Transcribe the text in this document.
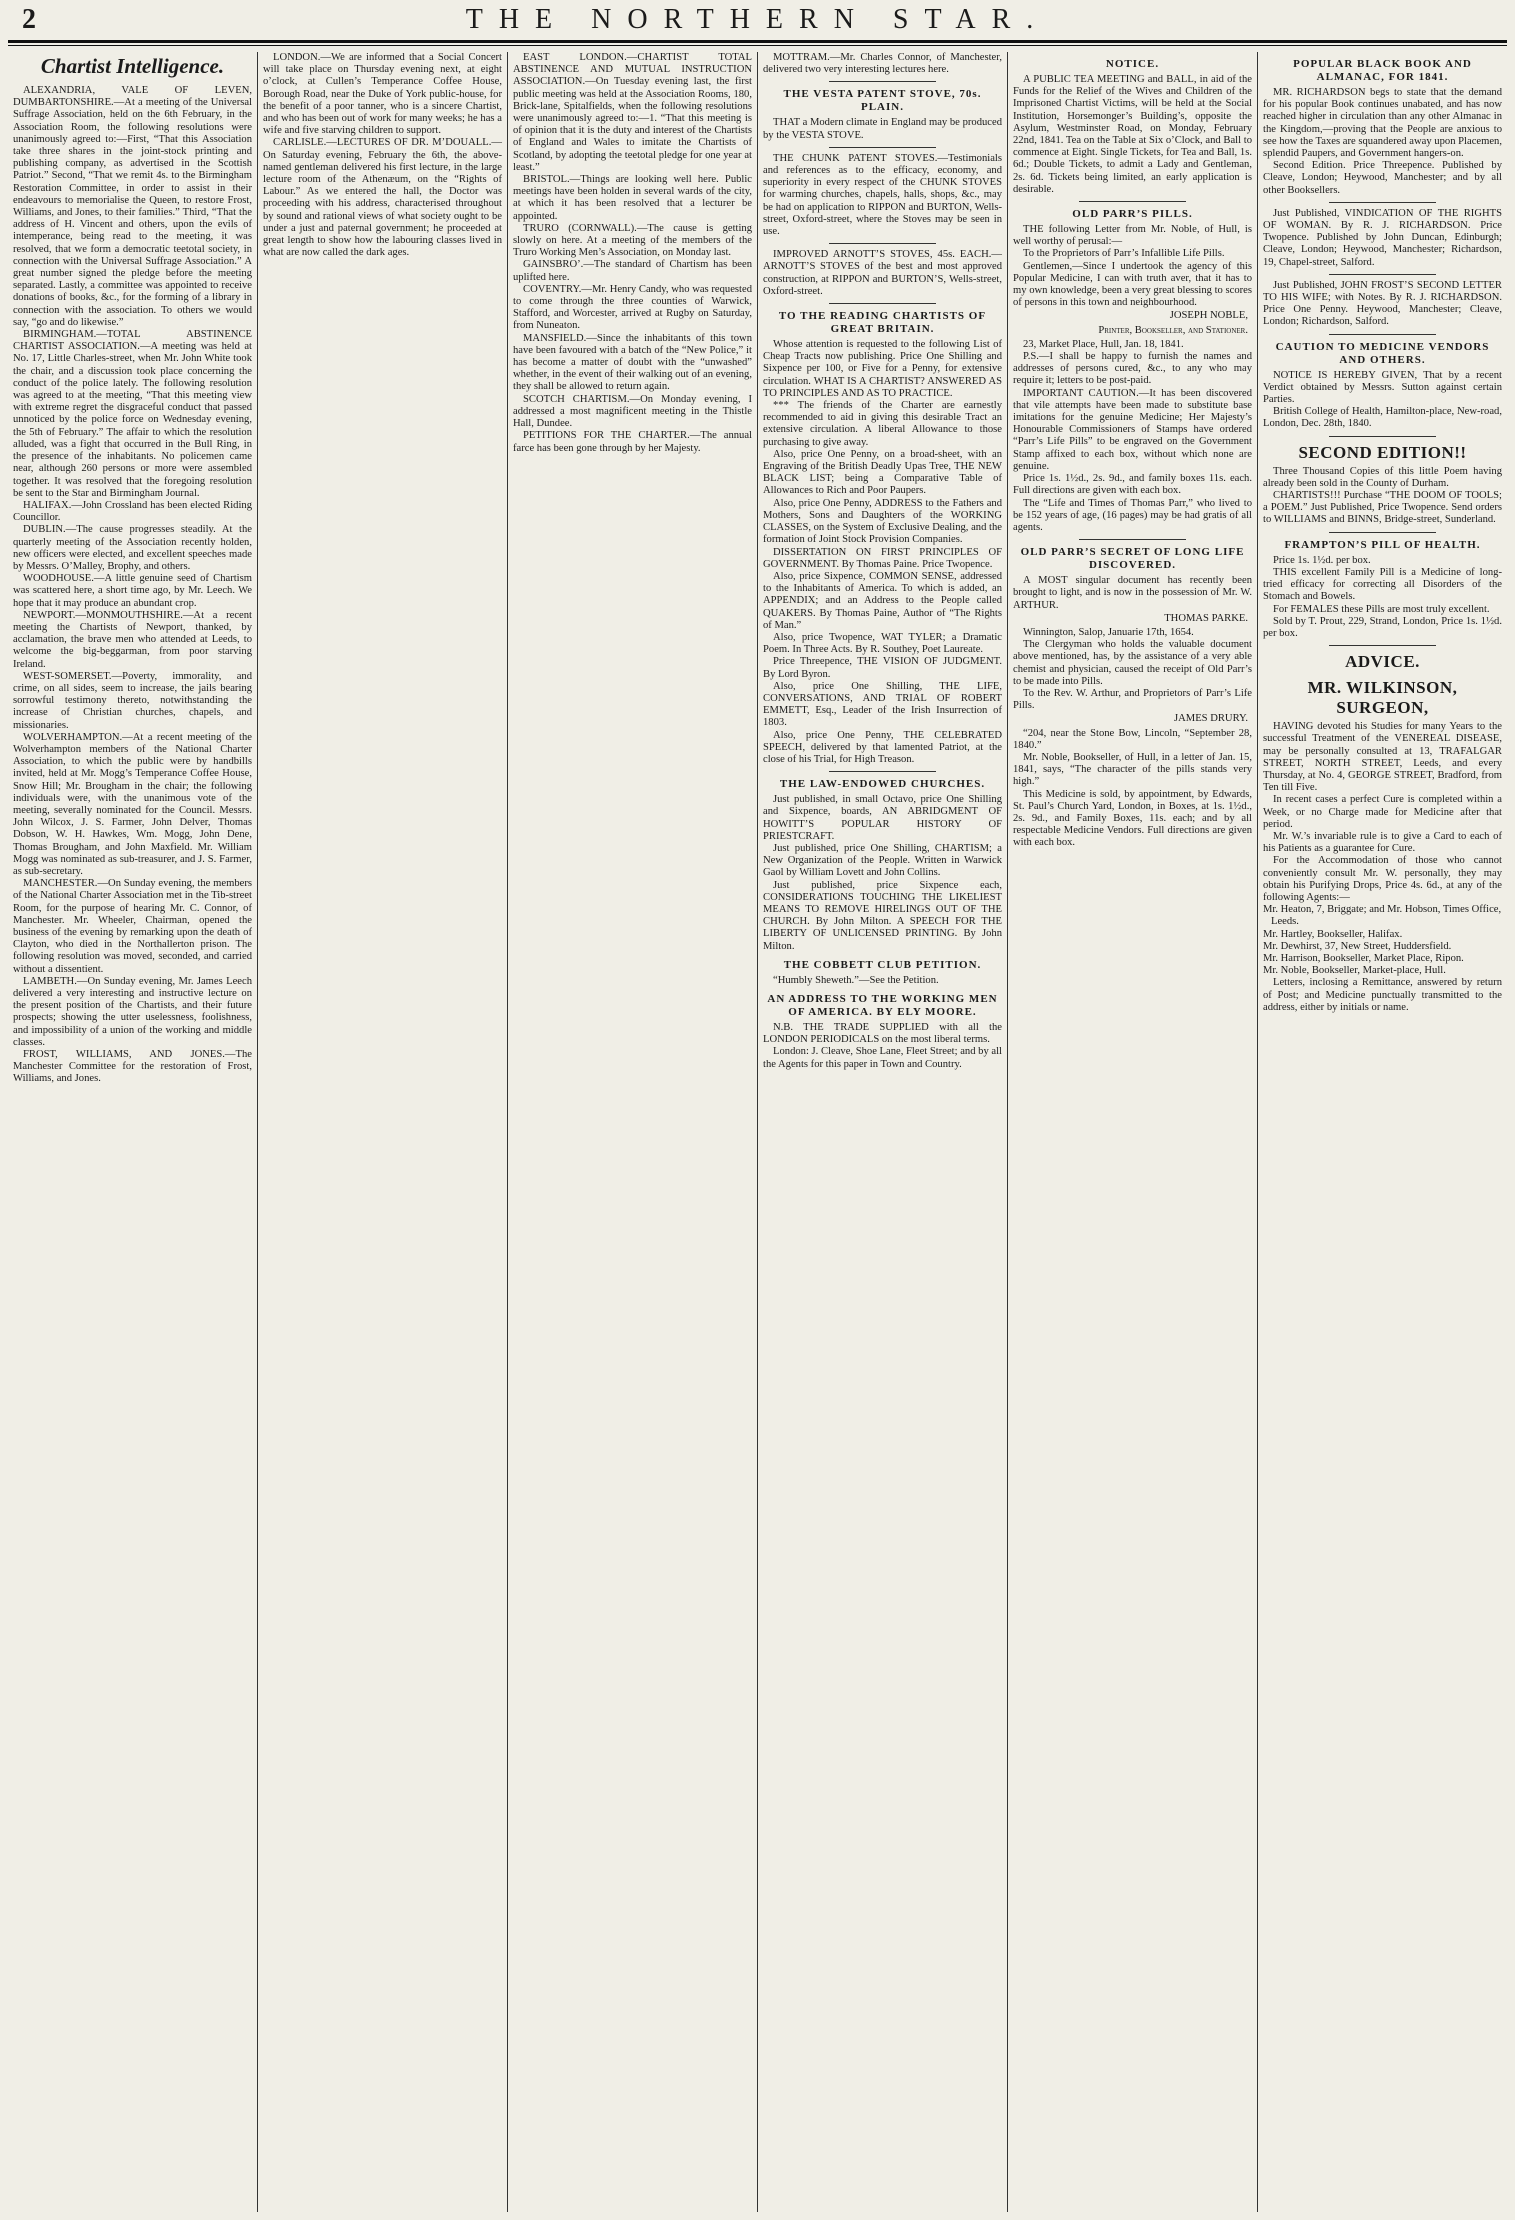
2	THE NORTHERN STAR.
Chartist Intelligence.

ALEXANDRIA, VALE OF LEVEN, DUMBARTONSHIRE.—At a meeting of the Universal Suffrage Association, held on the 6th February, in the Association Room, the following resolutions were unanimously agreed to:—First, “That this Association take three shares in the joint-stock printing and publishing company, as advertised in the Scottish Patriot.” Second, “That we remit 4s. to the Birmingham Restoration Committee, in order to assist in their endeavours to memorialise the Queen, to restore Frost, Williams, and Jones, to their families.” Third, “That the address of H. Vincent and others, upon the evils of intemperance, being read to the meeting, it was resolved, that we form a democratic teetotal society, in connection with the Universal Suffrage Association.” A great number signed the pledge before the meeting separated. Lastly, a committee was appointed to receive donations of books, &c., for the forming of a library in connection with the association. To others we would say, “go and do likewise.”

BIRMINGHAM.—TOTAL ABSTINENCE CHARTIST ASSOCIATION.—A meeting was held at No. 17, Little Charles-street, when Mr. John White took the chair, and a discussion took place concerning the conduct of the police lately. The following resolution was agreed to at the meeting, “That this meeting view with extreme regret the disgraceful conduct that passed unnoticed by the police force on Wednesday evening, the 5th of February.” The affair to which the resolution alluded, was a fight that occurred in the Bull Ring, in the presence of the inhabitants. No policemen came near, although 260 persons or more were assembled together. It was resolved that the foregoing resolution be sent to the Star and Birmingham Journal.

HALIFAX.—John Crossland has been elected Riding Councillor.

DUBLIN.—The cause progresses steadily. At the quarterly meeting of the Association recently holden, new officers were elected, and excellent speeches made by Messrs. O’Malley, Brophy, and others.

WOODHOUSE.—A little genuine seed of Chartism was scattered here, a short time ago, by Mr. Leech. We hope that it may produce an abundant crop.

NEWPORT.—MONMOUTHSHIRE.—At a recent meeting the Chartists of Newport, thanked, by acclamation, the brave men who attended at Leeds, to welcome the big-beggarman, from poor starving Ireland.

WEST-SOMERSET.—Poverty, immorality, and crime, on all sides, seem to increase, the jails bearing sorrowful testimony thereto, notwithstanding the increase of Christian churches, chapels, and missionaries.

WOLVERHAMPTON.—At a recent meeting of the Wolverhampton members of the National Charter Association, to which the public were by handbills invited, held at Mr. Mogg’s Temperance Coffee House, Snow Hill; Mr. Brougham in the chair; the following individuals were, with the unanimous vote of the meeting, severally nominated for the Council. Messrs. John Wilcox, J. S. Farmer, John Delver, Thomas Dobson, W. H. Hawkes, Wm. Mogg, John Dene, Thomas Brougham, and John Maxfield. Mr. William Mogg was nominated as sub-treasurer, and J. S. Farmer, as sub-secretary.

MANCHESTER.—On Sunday evening, the members of the National Charter Association met in the Tib-street Room, for the purpose of hearing Mr. C. Connor, of Manchester. Mr. Wheeler, Chairman, opened the business of the evening by remarking upon the death of Clayton, who died in the Northallerton prison. The following resolution was moved, seconded, and carried without a dissentient.

LAMBETH.—On Sunday evening, Mr. James Leech delivered a very interesting and instructive lecture on the present position of the Chartists, and their future prospects; showing the utter uselessness, foolishness, and impossibility of a union of the working and middle classes.

FROST, WILLIAMS, AND JONES.—The Manchester Committee for the restoration of Frost, Williams, and Jones.

LONDON.—We are informed that a Social Concert will take place on Thursday evening next, at eight o’clock, at Cullen’s Temperance Coffee House, Borough Road, near the Duke of York public-house, for the benefit of a poor tanner, who is a sincere Chartist, and who has been out of work for many weeks; he has a wife and five starving children to support.

CARLISLE.—LECTURES OF DR. M’DOUALL.—On Saturday evening, February the 6th, the above-named gentleman delivered his first lecture, in the large lecture room of the Athenæum, on the “Rights of Labour.” As we entered the hall, the Doctor was proceeding with his address, characterised throughout by sound and rational views of what society ought to be under a just and paternal government; he proceeded at great length to show how the labouring classes lived in what are now called the dark ages.

EAST LONDON.—CHARTIST TOTAL ABSTINENCE AND MUTUAL INSTRUCTION ASSOCIATION.—On Tuesday evening last, the first public meeting was held at the Association Rooms, 180, Brick-lane, Spitalfields, when the following resolutions were unanimously agreed to:—1. “That this meeting is of opinion that it is the duty and interest of the Chartists of England and Wales to imitate the Chartists of Scotland, by adopting the teetotal pledge for one year at least.”

BRISTOL.—Things are looking well here. Public meetings have been holden in several wards of the city, at which it has been resolved that a lecturer be appointed.

TRURO (CORNWALL).—The cause is getting slowly on here. At a meeting of the members of the Truro Working Men’s Association, on Monday last.

GAINSBRO’.—The standard of Chartism has been uplifted here.

COVENTRY.—Mr. Henry Candy, who was requested to come through the three counties of Warwick, Stafford, and Worcester, arrived at Rugby on Saturday, from Nuneaton.

MANSFIELD.—Since the inhabitants of this town have been favoured with a batch of the “New Police,” it has become a matter of doubt with the “unwashed” whether, in the event of their walking out of an evening, they shall be allowed to return again.

SCOTCH CHARTISM.—On Monday evening, I addressed a most magnificent meeting in the Thistle Hall, Dundee.

PETITIONS FOR THE CHARTER.—The annual farce has been gone through by her Majesty.

MOTTRAM.—Mr. Charles Connor, of Manchester, delivered two very interesting lectures here.

THE VESTA PATENT STOVE, 70s. PLAIN.

THAT a Modern climate in England may be produced by the VESTA STOVE.

THE CHUNK PATENT STOVES.—Testimonials and references as to the efficacy, economy, and superiority in every respect of the CHUNK STOVES for warming churches, chapels, halls, shops, &c., may be had on application to RIPPON and BURTON, Wells-street, Oxford-street, where the Stoves may be seen in use.

IMPROVED ARNOTT’S STOVES, 45s. EACH.—ARNOTT’S STOVES of the best and most approved construction, at RIPPON and BURTON’S, Wells-street, Oxford-street.

TO THE READING CHARTISTS OF GREAT BRITAIN.

Whose attention is requested to the following List of Cheap Tracts now publishing. Price One Shilling and Sixpence per 100, or Five for a Penny, for extensive circulation. WHAT IS A CHARTIST? ANSWERED AS TO PRINCIPLES AND AS TO PRACTICE.

*** The friends of the Charter are earnestly recommended to aid in giving this desirable Tract an extensive circulation. A liberal Allowance to those purchasing to give away.

Also, price One Penny, on a broad-sheet, with an Engraving of the British Deadly Upas Tree, THE NEW BLACK LIST; being a Comparative Table of Allowances to Rich and Poor Paupers.

Also, price One Penny, ADDRESS to the Fathers and Mothers, Sons and Daughters of the WORKING CLASSES, on the System of Exclusive Dealing, and the formation of Joint Stock Provision Companies.

DISSERTATION ON FIRST PRINCIPLES OF GOVERNMENT. By Thomas Paine. Price Twopence.

Also, price Sixpence, COMMON SENSE, addressed to the Inhabitants of America. To which is added, an APPENDIX; and an Address to the People called QUAKERS. By Thomas Paine, Author of “The Rights of Man.”

Also, price Twopence, WAT TYLER; a Dramatic Poem. In Three Acts. By R. Southey, Poet Laureate.

Price Threepence, THE VISION OF JUDGMENT. By Lord Byron.

Also, price One Shilling, THE LIFE, CONVERSATIONS, AND TRIAL OF ROBERT EMMETT, Esq., Leader of the Irish Insurrection of 1803.

Also, price One Penny, THE CELEBRATED SPEECH, delivered by that lamented Patriot, at the close of his Trial, for High Treason.

THE LAW-ENDOWED CHURCHES.

Just published, in small Octavo, price One Shilling and Sixpence, boards, AN ABRIDGMENT OF HOWITT’S POPULAR HISTORY OF PRIESTCRAFT.

Just published, price One Shilling, CHARTISM; a New Organization of the People. Written in Warwick Gaol by William Lovett and John Collins.

Just published, price Sixpence each, CONSIDERATIONS TOUCHING THE LIKELIEST MEANS TO REMOVE HIRELINGS OUT OF THE CHURCH. By John Milton. A SPEECH FOR THE LIBERTY OF UNLICENSED PRINTING. By John Milton.

THE COBBETT CLUB PETITION.

“Humbly Sheweth.”—See the Petition.

AN ADDRESS TO THE WORKING MEN OF AMERICA. BY ELY MOORE.

N.B. THE TRADE SUPPLIED with all the LONDON PERIODICALS on the most liberal terms.

London: J. Cleave, Shoe Lane, Fleet Street; and by all the Agents for this paper in Town and Country.

NOTICE.

A PUBLIC TEA MEETING and BALL, in aid of the Funds for the Relief of the Wives and Children of the Imprisoned Chartist Victims, will be held at the Social Institution, Horsemonger’s Building’s, opposite the Asylum, Westminster Road, on Monday, February 22nd, 1841. Tea on the Table at Six o’Clock, and Ball to commence at Eight. Single Tickets, for Tea and Ball, 1s. 6d.; Double Tickets, to admit a Lady and Gentleman, 2s. 6d. Tickets being limited, an early application is desirable.

OLD PARR’S PILLS.

THE following Letter from Mr. Noble, of Hull, is well worthy of perusal:—

To the Proprietors of Parr’s Infallible Life Pills.

Gentlemen,—Since I undertook the agency of this Popular Medicine, I can with truth aver, that it has to my own knowledge, been a very great blessing to scores of persons in this town and neighbourhood.

JOSEPH NOBLE,
Printer, Bookseller, and Stationer.

23, Market Place, Hull, Jan. 18, 1841.

P.S.—I shall be happy to furnish the names and addresses of persons cured, &c., to any who may require it; letters to be post-paid.

IMPORTANT CAUTION.—It has been discovered that vile attempts have been made to substitute base imitations for the genuine Medicine; Her Majesty’s Honourable Commissioners of Stamps have ordered “Parr’s Life Pills” to be engraved on the Government Stamp affixed to each box, without which none are genuine.

Price 1s. 1½d., 2s. 9d., and family boxes 11s. each. Full directions are given with each box.

The “Life and Times of Thomas Parr,” who lived to be 152 years of age, (16 pages) may be had gratis of all agents.

OLD PARR’S SECRET OF LONG LIFE DISCOVERED.

A MOST singular document has recently been brought to light, and is now in the possession of Mr. W. ARTHUR.

THOMAS PARKE.

Winnington, Salop, Januarie 17th, 1654.

The Clergyman who holds the valuable document above mentioned, has, by the assistance of a very able chemist and physician, caused the receipt of Old Parr’s to be made into Pills.

To the Rev. W. Arthur, and Proprietors of Parr’s Life Pills.

JAMES DRURY.

“204, near the Stone Bow, Lincoln, “September 28, 1840.”

Mr. Noble, Bookseller, of Hull, in a letter of Jan. 15, 1841, says, “The character of the pills stands very high.”

This Medicine is sold, by appointment, by Edwards, St. Paul’s Church Yard, London, in Boxes, at 1s. 1½d., 2s. 9d., and Family Boxes, 11s. each; and by all respectable Medicine Vendors. Full directions are given with each box.

POPULAR BLACK BOOK AND ALMANAC, FOR 1841.

MR. RICHARDSON begs to state that the demand for his popular Book continues unabated, and has now reached higher in circulation than any other Almanac in the Kingdom,—proving that the People are anxious to see how the Taxes are squandered away upon Placemen, splendid Paupers, and Government hangers-on.

Second Edition. Price Threepence. Published by Cleave, London; Heywood, Manchester; and by all other Booksellers.

Just Published, VINDICATION OF THE RIGHTS OF WOMAN. By R. J. RICHARDSON. Price Twopence. Published by John Duncan, Edinburgh; Cleave, London; Heywood, Manchester; Richardson, 19, Chapel-street, Salford.

Just Published, JOHN FROST’S SECOND LETTER TO HIS WIFE; with Notes. By R. J. RICHARDSON. Price One Penny. Heywood, Manchester; Cleave, London; Richardson, Salford.

CAUTION TO MEDICINE VENDORS AND OTHERS.

NOTICE IS HEREBY GIVEN, That by a recent Verdict obtained by Messrs. Sutton against certain Parties.

British College of Health, Hamilton-place, New-road, London, Dec. 28th, 1840.

SECOND EDITION!!

Three Thousand Copies of this little Poem having already been sold in the County of Durham.

CHARTISTS!!! Purchase “THE DOOM OF TOOLS; a POEM.” Just Published, Price Twopence. Send orders to WILLIAMS and BINNS, Bridge-street, Sunderland.

FRAMPTON’S PILL OF HEALTH.

Price 1s. 1½d. per box.

THIS excellent Family Pill is a Medicine of long-tried efficacy for correcting all Disorders of the Stomach and Bowels.

For FEMALES these Pills are most truly excellent.

Sold by T. Prout, 229, Strand, London, Price 1s. 1½d. per box.

ADVICE.
MR. WILKINSON, SURGEON,

HAVING devoted his Studies for many Years to the successful Treatment of the VENEREAL DISEASE, may be personally consulted at 13, TRAFALGAR STREET, NORTH STREET, Leeds, and every Thursday, at No. 4, GEORGE STREET, Bradford, from Ten till Five.

In recent cases a perfect Cure is completed within a Week, or no Charge made for Medicine after that period.

Mr. W.’s invariable rule is to give a Card to each of his Patients as a guarantee for Cure.

For the Accommodation of those who cannot conveniently consult Mr. W. personally, they may obtain his Purifying Drops, Price 4s. 6d., at any of the following Agents:—

Mr. Heaton, 7, Briggate; and Mr. Hobson, Times Office, Leeds.

Mr. Hartley, Bookseller, Halifax.

Mr. Dewhirst, 37, New Street, Huddersfield.

Mr. Harrison, Bookseller, Market Place, Ripon.

Mr. Noble, Bookseller, Market-place, Hull.

Letters, inclosing a Remittance, answered by return of Post; and Medicine punctually transmitted to the address, either by initials or name.
